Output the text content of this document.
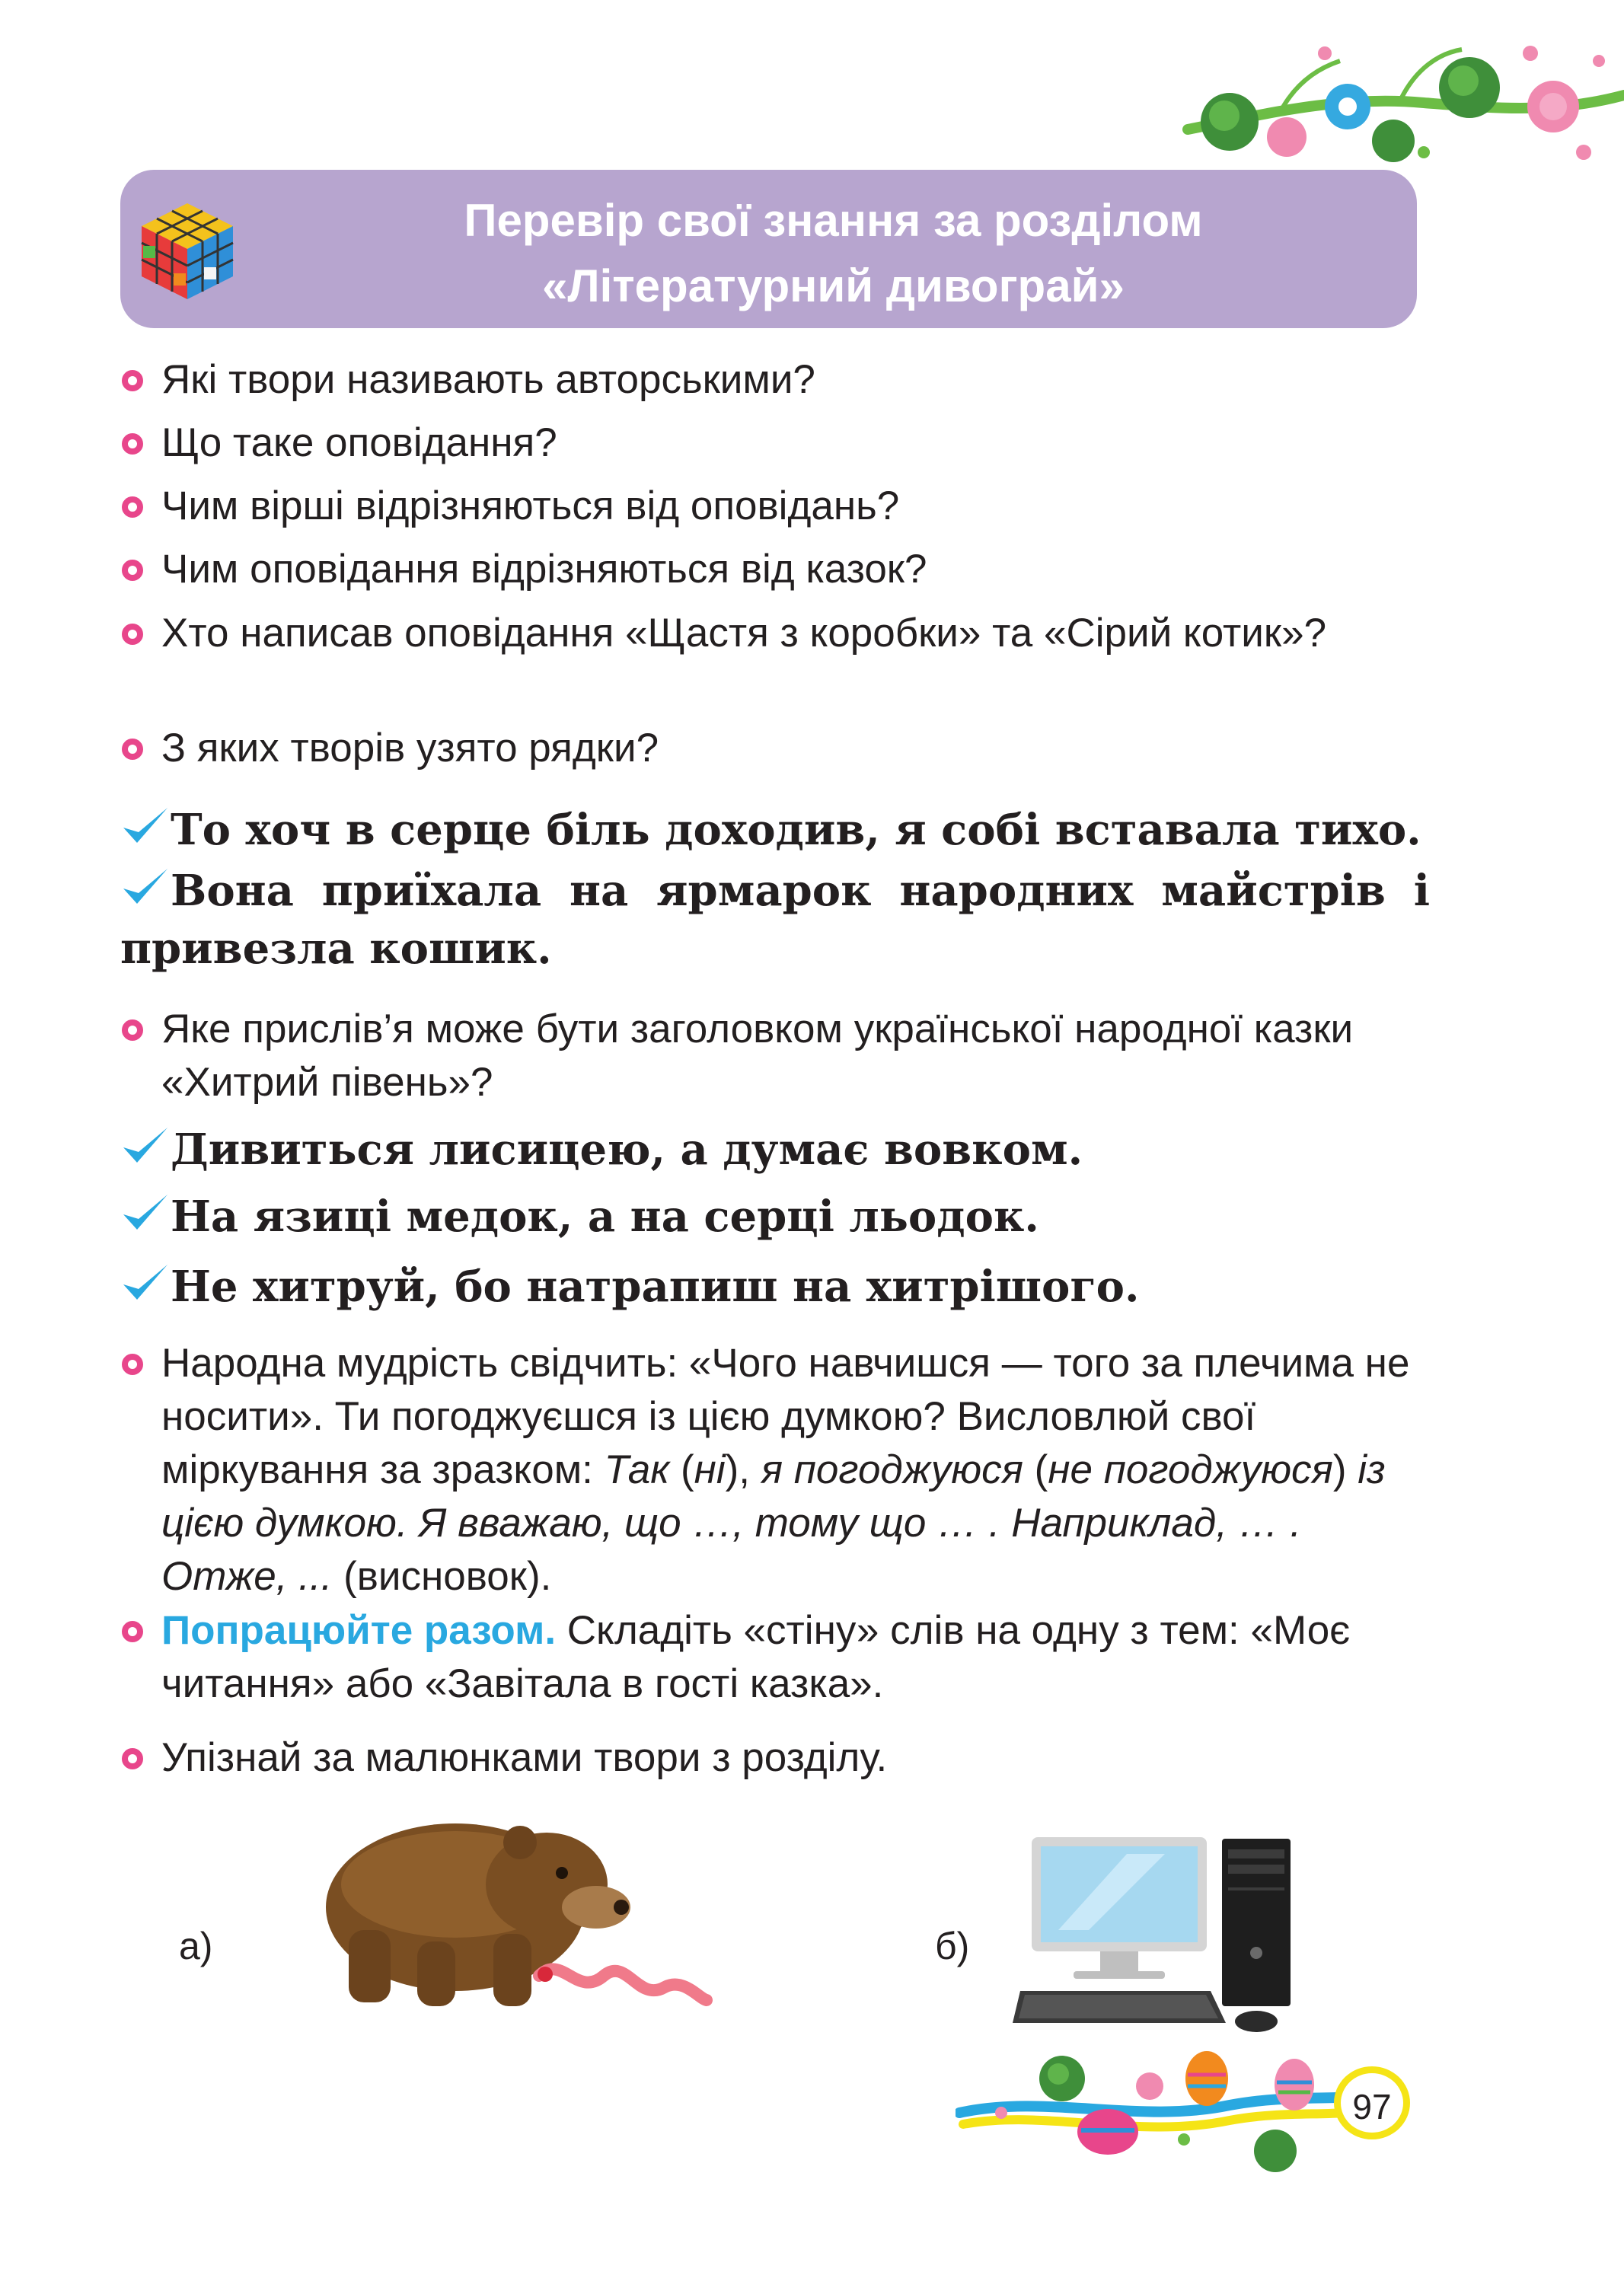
Перевір свої знання за розділом
«Літературний дивограй»
Які твори називають авторськими?
Що таке оповідання?
Чим вірші відрізняються від оповідань?
Чим оповідання відрізняються від казок?
Хто написав оповідання «Щастя з коробки» та «Сірий котик»?
З яких творів узято рядки?
То хоч в серце біль доходив, я собі вставала тихо.
Вона приїхала на ярмарок народних майстрів і привезла кошик.
Яке прислів’я може бути заголовком української народної казки «Хитрий півень»?
Дивиться лисицею, а думає вовком.
На язиці медок, а на серці льодок.
Не хитруй, бо натрапиш на хитрішого.
Народна мудрість свідчить: «Чого навчишся — того за плечима не носити». Ти погоджуєшся із цією думкою? Висловлюй свої міркування за зразком: Так (ні), я погоджуюся (не погоджуюся) із цією думкою. Я вважаю, що …, тому що … . Наприклад, … . Отже, ... (висновок).
Попрацюйте разом. Складіть «стіну» слів на одну з тем: «Моє читання» або «Завітала в гості казка».
Упізнай за малюнками твори з розділу.
а)	б)
97
